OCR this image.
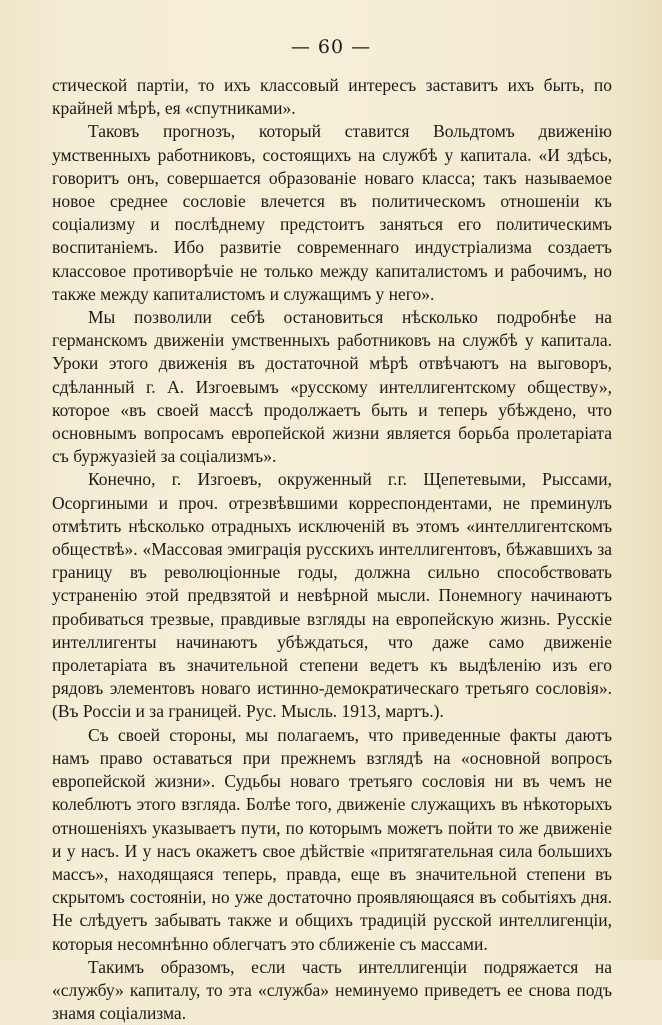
— 60 —

стической партіи, то ихъ классовый интересъ заставитъ ихъ быть, по крайней мѣрѣ, ея «спутниками».

Таковъ прогнозъ, который ставится Вольдтомъ движенію умственныхъ работниковъ, состоящихъ на службѣ у капитала. «И здѣсь, говоритъ онъ, совершается образованіе новаго класса; такъ называемое новое среднее сословіе влечется въ политическомъ отношеніи къ соціализму и послѣднему предстоитъ заняться его политическимъ воспитаніемъ. Ибо развитіе современнаго индустріализма создаетъ классовое противорѣчіе не только между капиталистомъ и рабочимъ, но также между капиталистомъ и служащимъ у него».

Мы позволили себѣ остановиться нѣсколько подробнѣе на германскомъ движеніи умственныхъ работниковъ на службѣ у капитала. Уроки этого движенія въ достаточной мѣрѣ отвѣчаютъ на выговоръ, сдѣланный г. А. Изгоевымъ «русскому интеллигентскому обществу», которое «въ своей массѣ продолжаетъ быть и теперь убѣждено, что основнымъ вопросамъ европейской жизни является борьба пролетаріата съ буржуазіей за соціализмъ».

Конечно, г. Изгоевъ, окруженный г.г. Щепетевыми, Рыссами, Осоргиными и проч. отрезвѣвшими корреспондентами, не преминулъ отмѣтить нѣсколько отрадныхъ исключеній въ этомъ «интеллигентскомъ обществѣ». «Массовая эмиграція русскихъ интеллигентовъ, бѣжавшихъ за границу въ революціонные годы, должна сильно способствовать устраненію этой предвзятой и невѣрной мысли. Понемногу начинаютъ пробиваться трезвые, правдивые взгляды на европейскую жизнь. Русскіе интеллигенты начинаютъ убѣждаться, что даже само движеніе пролетаріата въ значительной степени ведетъ къ выдѣленію изъ его рядовъ элементовъ новаго истинно-демократическаго третьяго сословія». (Въ Россіи и за границей. Рус. Мысль. 1913, мартъ.).

Съ своей стороны, мы полагаемъ, что приведенные факты даютъ намъ право оставаться при прежнемъ взглядѣ на «основной вопросъ европейской жизни». Судьбы новаго третьяго сословія ни въ чемъ не колеблютъ этого взгляда. Болѣе того, движеніе служащихъ въ нѣкоторыхъ отношеніяхъ указываетъ пути, по которымъ можетъ пойти то же движеніе и у насъ. И у насъ окажетъ свое дѣйствіе «притягательная сила большихъ массъ», находящаяся теперь, правда, еще въ значительной степени въ скрытомъ состояніи, но уже достаточно проявляющаяся въ событіяхъ дня. Не слѣдуетъ забывать также и общихъ традицій русской интеллигенціи, которыя несомнѣнно облегчатъ это сближеніе съ массами.

Такимъ образомъ, если часть интеллигенціи подряжается на «службу» капиталу, то эта «служба» неминуемо приведетъ ее снова подъ знамя соціализма.
